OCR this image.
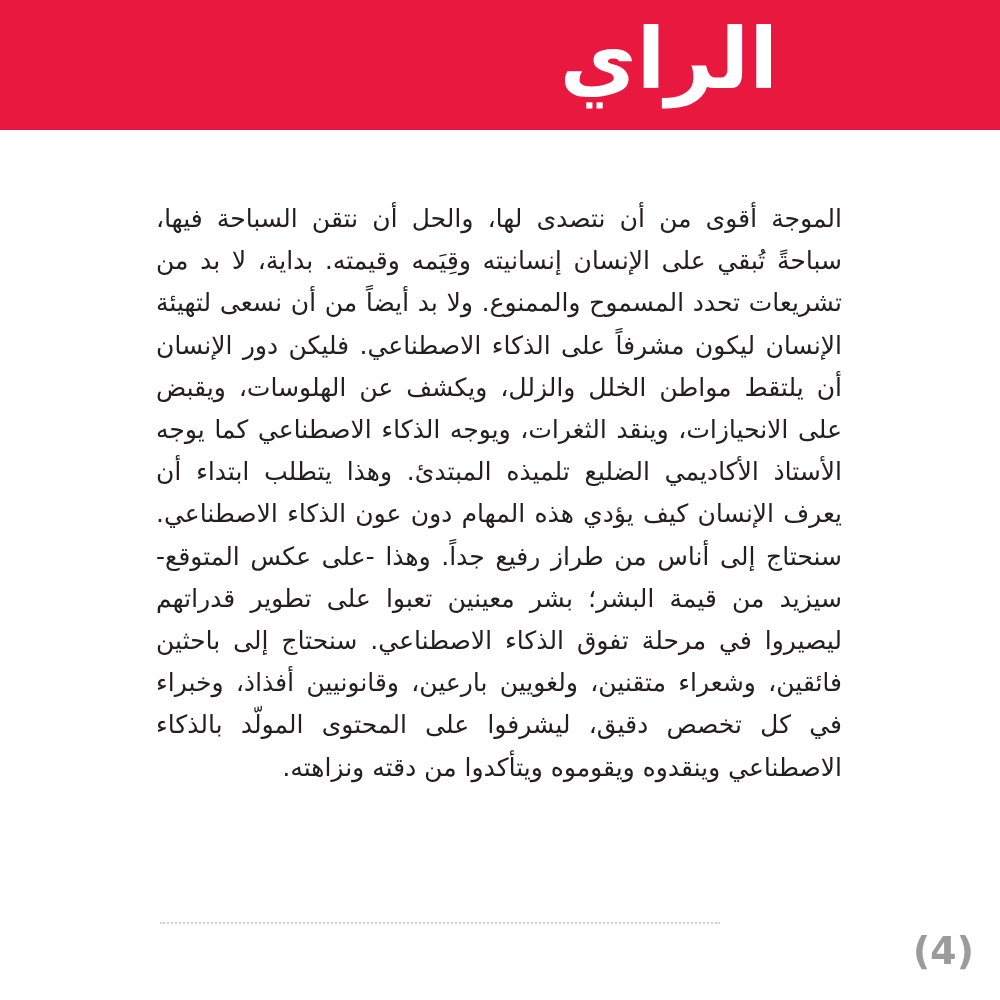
الراي

الموجة أقوى من أن نتصدى لها، والحل أن نتقن السباحة فيها، سباحةً تُبقي على الإنسان إنسانيته وقِيَمه وقيمته. بداية، لا بد من تشريعات تحدد المسموح والممنوع. ولا بد أيضاً من أن نسعى لتهيئة الإنسان ليكون مشرفاً على الذكاء الاصطناعي. فليكن دور الإنسان أن يلتقط مواطن الخلل والزلل، ويكشف عن الهلوسات، ويقبض على الانحيازات، وينقد الثغرات، ويوجه الذكاء الاصطناعي كما يوجه الأستاذ الأكاديمي الضليع تلميذه المبتدئ. وهذا يتطلب ابتداء أن يعرف الإنسان كيف يؤدي هذه المهام دون عون الذكاء الاصطناعي. سنحتاج إلى أناس من طراز رفيع جداً. وهذا -على عكس المتوقع- سيزيد من قيمة البشر؛ بشر معينين تعبوا على تطوير قدراتهم ليصيروا في مرحلة تفوق الذكاء الاصطناعي. سنحتاج إلى باحثين فائقين، وشعراء متقنين، ولغويين بارعين، وقانونيين أفذاذ، وخبراء في كل تخصص دقيق، ليشرفوا على المحتوى المولّد بالذكاء الاصطناعي وينقدوه ويقوموه ويتأكدوا من دقته ونزاهته.

(4)
